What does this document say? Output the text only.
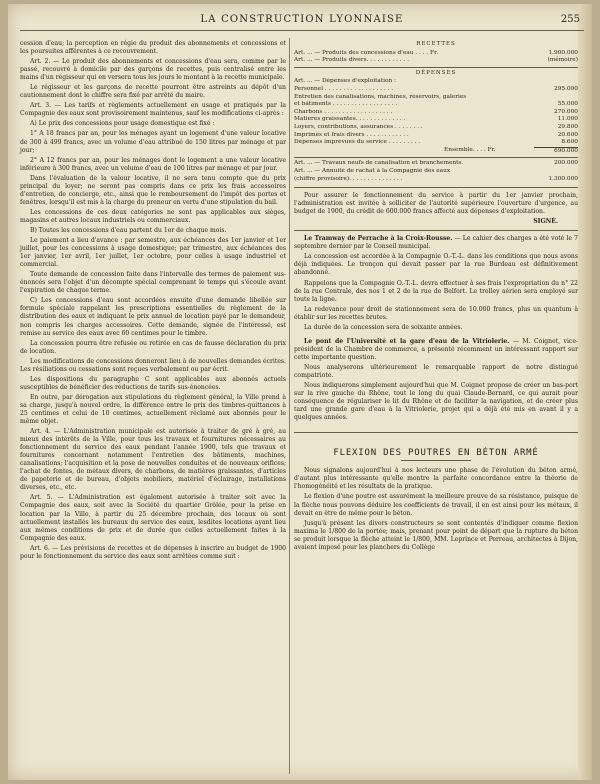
LA CONSTRUCTION LYONNAISE	255

cession d'eau; la perception en régie du produit des abonnements et concessions et les poursuites afférentes à ce recouvrement.

Art. 2. — Le produit des abonnements et concessions d'eau sera, comme par le passé, recouvré à domicile par des garçons de recettes, puis centralisé entre les mains d'un régisseur qui en versera tous les jours le montant à la recette municipale.

Le régisseur et les garçons de recette pourront être astreints au dépôt d'un cautionnement dont le chiffre sera fixé par arrêté du maire.

Art. 3. — Les tarifs et règlements actuellement en usage et pratiqués par la Compagnie des eaux sont provisoirement maintenus, sauf les modifications ci-après :

A) Le prix des concessions pour usage domestique est fixé :

1° A 18 francs par an, pour les ménages ayant un logement d'une valeur locative de 300 à 499 francs, avec un volume d'eau attribué de 150 litres par ménage et par jour;

2° A 12 francs par an, pour les ménages dont le logement a une valeur locative inférieure à 300 francs, avec un volume d'eau de 100 litres par ménage et par jour.

Dans l'évaluation de la valeur locative, il ne sera tenu compte que du prix principal du loyer; ne seront pas compris dans ce prix les frais accessoires d'entretien, de concierge, etc., ainsi que le remboursement de l'impôt des portes et fenêtres, lorsqu'il est mis à la charge du preneur en vertu d'une stipulation du bail.

Les concessions de ces deux catégories ne sont pas applicables aux sièges, magasins et autres locaux industriels ou commerciaux.

B) Toutes les concessions d'eau partent du 1er de chaque mois.

Le paiement a lieu d'avance : par semestre, aux échéances des 1er janvier et 1er juillet, pour les concessions à usage domestique; par trimestre, aux échéances des 1er janvier, 1er avril, 1er juillet, 1er octobre, pour celles à usage industriel et commercial.

Toute demande de concession faite dans l'intervalle des termes de paiement sus-énoncés sera l'objet d'un décompte spécial comprenant le temps qui s'écoule avant l'expiration de chaque terme.

C) Les concessions d'eau sont accordées ensuite d'une demande libellée sur formule spéciale rappelant les prescriptions essentielles du règlement de la distribution des eaux et indiquant le prix annuel de location payé par le demandeur, non compris les charges accessoires. Cette demande, signée de l'intéressé, est remise au service des eaux avec 60 centimes pour le timbre.

La concession pourra être refusée ou retirée en cas de fausse déclaration du prix de location.

Les modifications de concessions donneront lieu à de nouvelles demandes écrites. Les résiliations ou cessations sont reçues verbalement ou par écrit.

Les dispositions du paragraphe C sont applicables aux abonnés actuels susceptibles de bénéficier des réductions de tarifs sus-énoncées.

En outre, par dérogation aux stipulations du règlement général, la Ville prend à sa charge, jusqu'à nouvel ordre, la différence entre le prix des timbres-quittances à 25 centimes et celui de 10 centimes, actuellement réclamé aux abonnés pour le même objet.

Art. 4. — L'Administration municipale est autorisée à traiter de gré à gré, au mieux des intérêts de la Ville, pour tous les travaux et fournitures nécessaires au fonctionnement du service des eaux pendant l'année 1900, tels que travaux et fournitures concernant notamment l'entretien des bâtiments, machines, canalisations; l'acquisition et la pose de nouvelles conduites et de nouveaux orifices; l'achat de fontes, de métaux divers, de charbons, de matières graissantes, d'articles de papeterie et de bureau, d'objets mobiliers, matériel d'éclairage, installations diverses, etc., etc.

Art. 5. — L'Administration est également autorisée à traiter soit avec la Compagnie des eaux, soit avec la Société du quartier Grôlée, pour la prise en location par la Ville, à partir du 25 décembre prochain, des locaux où sont actuellement installés les bureaux du service des eaux, lesdites locations ayant lieu aux mêmes conditions de prix et de durée que celles actuellement faites à la Compagnie des eaux.

Art. 6. — Les prévisions de recettes et de dépenses à inscrire au budget de 1900 pour le fonctionnement du service des eaux sont arrêtées comme suit :

RECETTES
Art. ... — Produits des concessions d'eau . . . . Fr.	1.900.000
Art. ... — Produits divers. . . . . . . . . . . .	(mémoire)
DÉPENSES
Art. ... — Dépenses d'exploitation :
Personnel . . . . . . . . . . . . . . . . . . .	295.000
Entretien des canalisations, machines, réservoirs, galeries
et bâtiments . . . . . . . . . . . . . . . . . .	55.000
Charbons . . . . . . . . . . . . . . . . . . .	270.000
Matières graissantes. . . . . . . . . . . . . .	11.000
Loyers, contributions, assurances . . . . . . . .	29.800
Imprimés et frais divers . . . . . . . . . . . .	20.600
Dépenses imprévues du service . . . . . . . . .	8.600
Ensemble. . . . Fr.	690.000
Art. ... — Travaux neufs de canalisation et branchements.	200.000
Art. ... — Annuité de rachat à la Compagnie des eaux
(chiffre provisoire). . . . . . . . . . . . . . .	1.300.000

Pour assurer le fonctionnement du service à partir du 1er janvier prochain, l'administration est invitée à solliciter de l'autorité supérieure l'ouverture d'urgence, au budget de 1900, du crédit de 600.000 francs affecté aux dépenses d'exploitation.

SIGNÉ.

Le Tramway de Perrache à la Croix-Rousse. — Le cahier des charges a été voté le 7 septembre dernier par le Conseil municipal.

La concession est accordée à la Compagnie O.-T.-L. dans les conditions que nous avons déjà indiquées. Le tronçon qui devait passer par la rue Burdeau est définitivement abandonné.

Rappelons que la Compagnie O.-T.-L. devra effectuer à ses frais l'expropriation du n° 22 de la rue Centrale, des nos 1 et 2 de la rue de Belfort. Le trolley aérien sera employé sur toute la ligne.

La redevance pour droit de stationnement sera de 10.000 francs, plus un quantum à établir sur les recettes brutes.

La durée de la concession sera de soixante années.

Le pont de l'Université et la gare d'eau de la Vitriolerie. — M. Coignet, vice-président de la Chambre de commerce, a présenté récemment un intéressant rapport sur cette importante question.

Nous analyserons ultérieurement le remarquable rapport de notre distingué compatriote.

Nous indiquerons simplement aujourd'hui que M. Coignet propose de créer un bas-port sur la rive gauche du Rhône, tout le long du quai Claude-Bernard, ce qui aurait pour conséquence de régulariser le lit du Rhône et de faciliter la navigation, et de créer plus tard une grande gare d'eau à la Vitriolerie, projet qui a déjà été mis en avant il y a quelques années.

FLEXION DES POUTRES EN BÉTON ARMÉ

Nous signalons aujourd'hui à nos lecteurs une phase de l'évolution du béton armé, d'autant plus intéressante qu'elle montre la parfaite concordance entre la théorie de l'homogénéité et les résultats de la pratique.

Le flexion d'une poutre est assurément la meilleure preuve de sa résistance, puisque de la flèche nous pouvons déduire les coefficients de travail, il en est ainsi pour les métaux, il devait en être de même pour le béton.

Jusqu'à présent les divers constructeurs se sont contentés d'indiquer comme flexion maxima le 1/800 de la portée; mais, prenant pour point de départ que la rupture du béton se produit lorsque la flèche atteint le 1/800, MM. Leprince et Perreau, architectes à Dijon, avaient imposé pour les planchers du Collège
